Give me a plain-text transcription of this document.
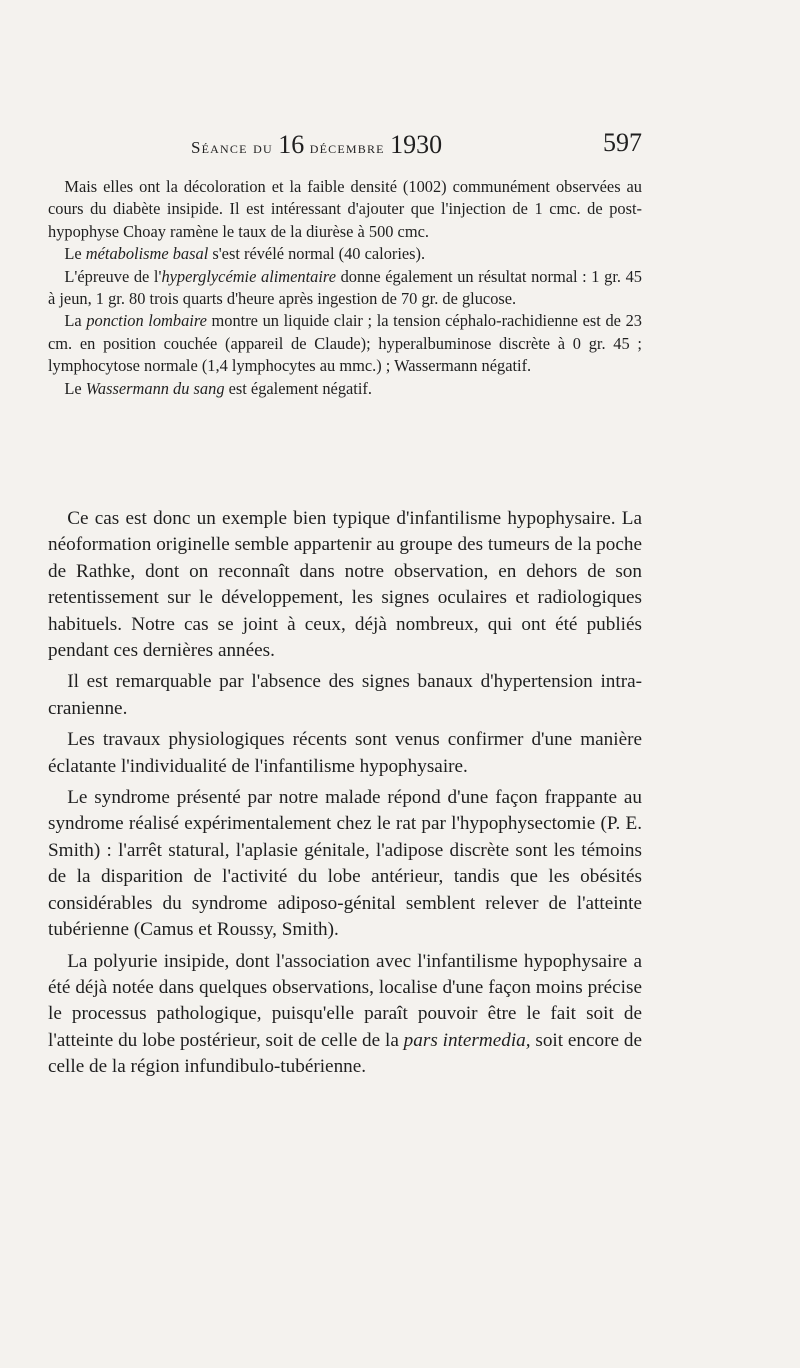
Séance du 16 décembre 1930	597

 Mais elles ont la décoloration et la faible densité (1002) communément observées au cours du diabète insipide. Il est intéressant d'ajouter que l'injection de 1 cmc. de post-hypophyse Choay ramène le taux de la diurèse à 500 cmc.

 Le métabolisme basal s'est révélé normal (40 calories).

 L'épreuve de l'hyperglycémie alimentaire donne également un résultat normal : 1 gr. 45 à jeun, 1 gr. 80 trois quarts d'heure après ingestion de 70 gr. de glucose.

 La ponction lombaire montre un liquide clair ; la tension céphalo-rachidienne est de 23 cm. en position couchée (appareil de Claude); hyperalbuminose discrète à 0 gr. 45 ; lymphocytose normale (1,4 lymphocytes au mmc.) ; Wassermann négatif.

 Le Wassermann du sang est également négatif.

 Ce cas est donc un exemple bien typique d'infantilisme hypophysaire. La néoformation originelle semble appartenir au groupe des tumeurs de la poche de Rathke, dont on reconnaît dans notre observation, en dehors de son retentissement sur le développement, les signes oculaires et radiologiques habituels. Notre cas se joint à ceux, déjà nombreux, qui ont été publiés pendant ces dernières années.

 Il est remarquable par l'absence des signes banaux d'hypertension intra-cranienne.

 Les travaux physiologiques récents sont venus confirmer d'une manière éclatante l'individualité de l'infantilisme hypophysaire.

 Le syndrome présenté par notre malade répond d'une façon frappante au syndrome réalisé expérimentalement chez le rat par l'hypophysectomie (P. E. Smith) : l'arrêt statural, l'aplasie génitale, l'adipose discrète sont les témoins de la disparition de l'activité du lobe antérieur, tandis que les obésités considérables du syndrome adiposo-génital semblent relever de l'atteinte tubérienne (Camus et Roussy, Smith).

 La polyurie insipide, dont l'association avec l'infantilisme hypophysaire a été déjà notée dans quelques observations, localise d'une façon moins précise le processus pathologique, puisqu'elle paraît pouvoir être le fait soit de l'atteinte du lobe postérieur, soit de celle de la pars intermedia, soit encore de celle de la région infundibulo-tubérienne.
